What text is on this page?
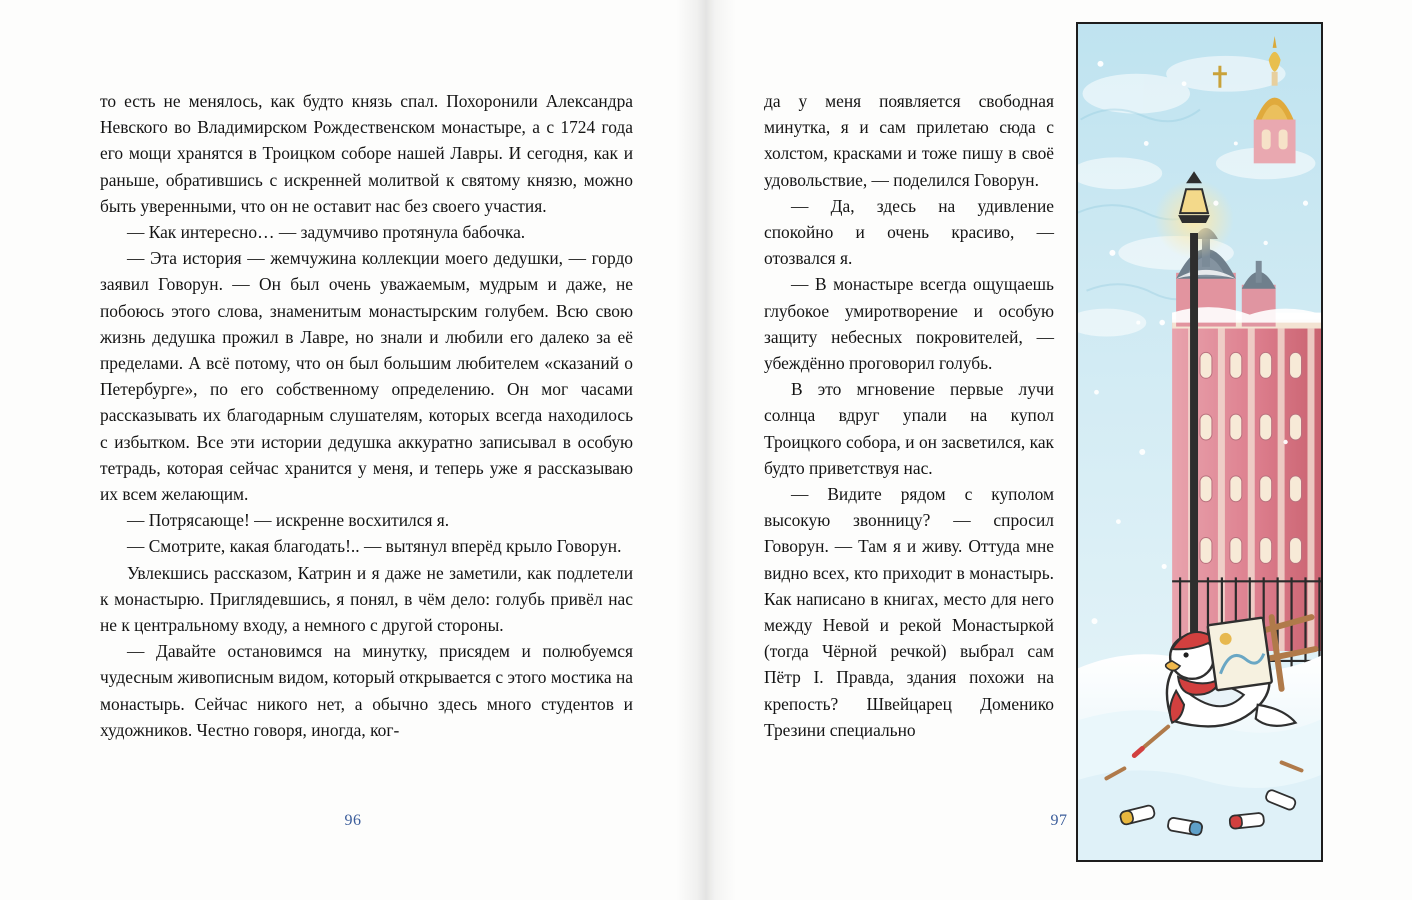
то есть не менялось, как будто князь спал. Похоронили Александра Невского во Владимирском Рождественском монастыре, а с 1724 года его мощи хранятся в Троицком соборе нашей Лавры. И сегодня, как и раньше, обратившись с искренней молитвой к святому князю, можно быть уверенными, что он не оставит нас без своего участия.

— Как интересно… — задумчиво протянула бабочка.

— Эта история — жемчужина коллекции моего дедушки, — гордо заявил Говорун. — Он был очень уважаемым, мудрым и даже, не побоюсь этого слова, знаменитым монастырским голубем. Всю свою жизнь дедушка прожил в Лавре, но знали и любили его далеко за её пределами. А всё потому, что он был большим любителем «сказаний о Петербурге», по его собственному определению. Он мог часами рассказывать их благодарным слушателям, которых всегда находилось с избытком. Все эти истории дедушка аккуратно записывал в особую тетрадь, которая сейчас хранится у меня, и теперь уже я рассказываю их всем желающим.

— Потрясающе! — искренне восхитился я.

— Смотрите, какая благодать!.. — вытянул вперёд крыло Говорун.

Увлекшись рассказом, Катрин и я даже не заметили, как подлетели к монастырю. Приглядевшись, я понял, в чём дело: голубь привёл нас не к центральному входу, а немного с другой стороны.

— Давайте остановимся на минутку, присядем и полюбуемся чудесным живописным видом, который открывается с этого мостика на монастырь. Сейчас никого нет, а обычно здесь много студентов и художников. Честно говоря, иногда, ког-

96

да у меня появляется свободная минутка, я и сам прилетаю сюда с холстом, красками и тоже пишу в своё удовольствие, — поделился Говорун.

— Да, здесь на удивление спокойно и очень красиво, — отозвался я.

— В монастыре всегда ощущаешь глубокое умиротворение и особую защиту небесных покровителей, — убеждённо проговорил голубь.

В это мгновение первые лучи солнца вдруг упали на купол Троицкого собора, и он засветился, как будто приветствуя нас.

— Видите рядом с куполом высокую звонницу? — спросил Говорун. — Там я и живу. Оттуда мне видно всех, кто приходит в монастырь. Как написано в книгах, место для него между Невой и рекой Монастыркой (тогда Чёрной речкой) выбрал сам Пётр I. Правда, здания похожи на крепость? Швейцарец Доменико Трезини специально

97
